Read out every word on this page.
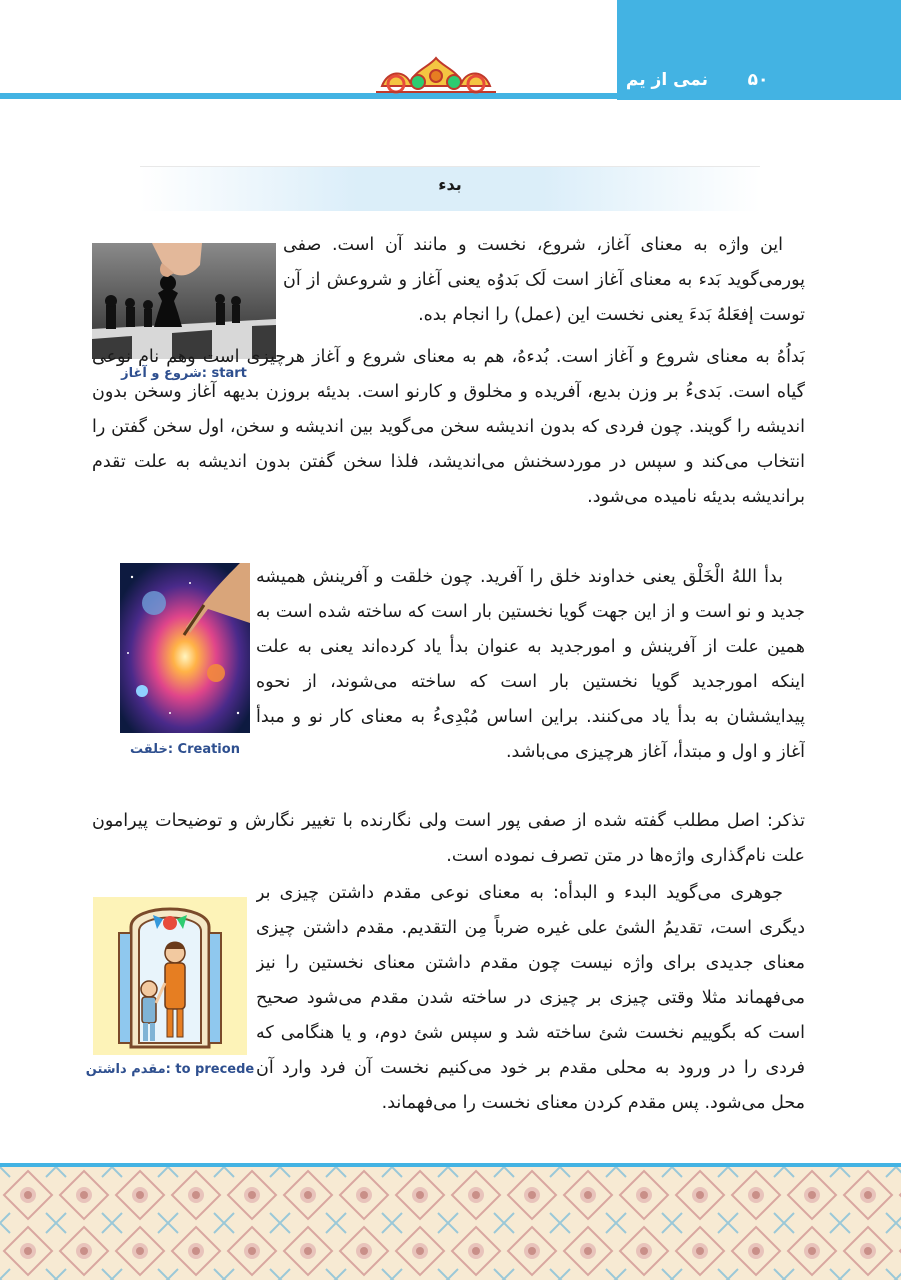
۵۰
نمی از یم
بدء
شروع و آغاز: start
خلقت: Creation
مقدم داشتن: to precede

این واژه به معنای آغاز، شروع، نخست و مانند آن است. صفی پورمی‌گوید بَدء به معنای آغاز است لَک بَدوُه یعنی آغاز و شروعش از آن توست إفعَلهُ بَدءَ یعنی نخست این (عمل) را انجام بده.

بَداُهُ به معنای شروع و آغاز است. بُدءهُ، هم به معنای شروع و آغاز هرچیزی است وهم نام نوعی گیاه است. بَدیءُ بر وزن بدیع، آفریده و مخلوق و کارنو است. بدیئه بروزن بدیهه آغاز وسخن بدون اندیشه را گویند. چون فردی که بدون اندیشه سخن می‌گوید بین اندیشه و سخن، اول سخن گفتن را انتخاب می‌کند و سپس در موردسخنش می‌اندیشد، فلذا سخن گفتن بدون اندیشه به علت تقدم براندیشه بدیئه نامیده می‌شود.

بدأ اللهُ الْخَلْق یعنی خداوند خلق را آفرید. چون خلقت و آفرینش همیشه جدید و نو است و از این جهت گویا نخستین بار است که ساخته شده است به همین علت از آفرینش و امورجدید به عنوان بدأ یاد کرده‌اند یعنی به علت اینکه امورجدید گویا نخستین بار است که ساخته می‌شوند، از نحوه پیدایششان به بدأ یاد می‌کنند. براین اساس مُبْدِیءُ به معنای کار نو و مبدأ آغاز و اول و مبتدأ، آغاز هرچیزی می‌باشد.

تذکر: اصل مطلب گفته شده از صفی پور است ولی نگارنده با تغییر نگارش و توضیحات پیرامون علت نام‌گذاری واژه‌ها در متن تصرف نموده است.

جوهری می‌گوید البدء و البدأه: به معنای نوعی مقدم داشتن چیزی بر دیگری است، تقدیمُ الشئ علی غیره ضرباً مِن التقدیم. مقدم داشتن چیزی معنای جدیدی برای واژه نیست چون مقدم داشتن معنای نخستین را نیز می‌فهماند مثلا وقتی چیزی بر چیزی در ساخته شدن مقدم می‌شود صحیح است که بگوییم نخست شئ ساخته شد و سپس شئ دوم، و یا هنگامی که فردی را در ورود به محلی مقدم بر خود می‌کنیم نخست آن فرد وارد آن محل می‌شود. پس مقدم کردن معنای نخست را می‌فهماند.
